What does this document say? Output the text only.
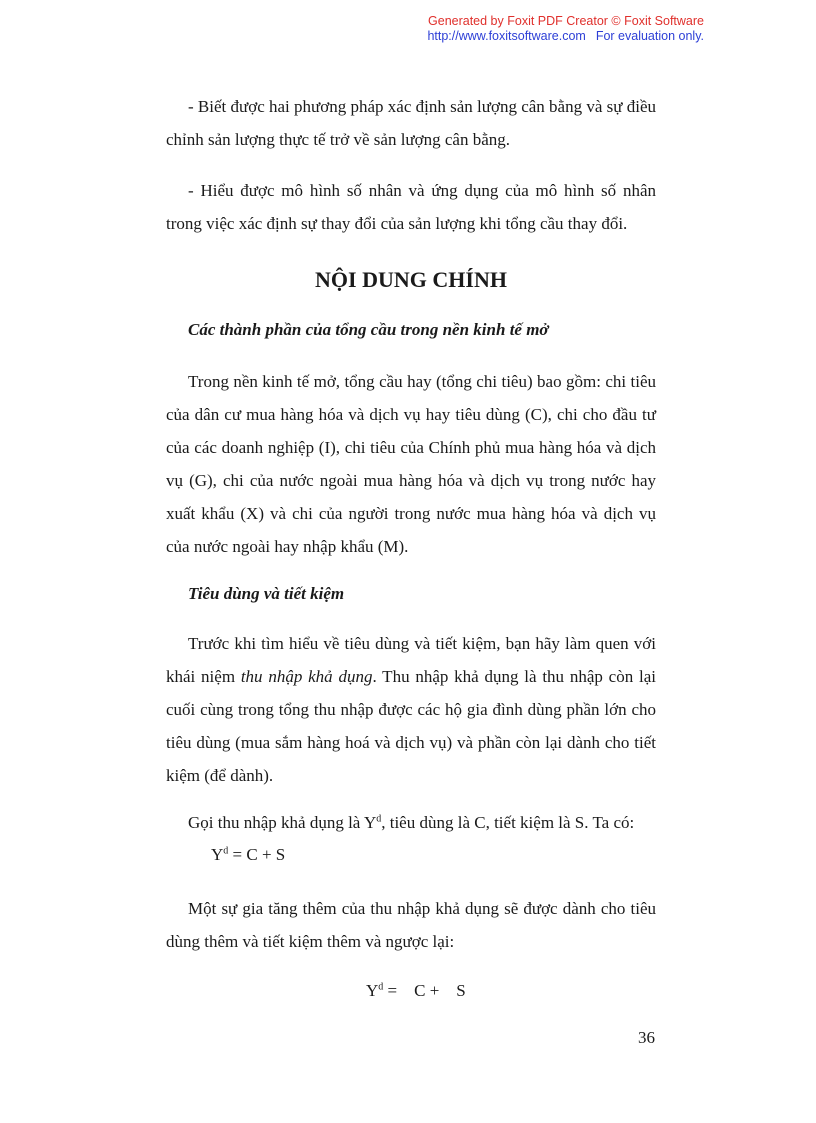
Generated by Foxit PDF Creator © Foxit Software
http://www.foxitsoftware.com For evaluation only.

- Biết được hai phương pháp xác định sản lượng cân bằng và sự điều chỉnh sản lượng thực tế trở về sản lượng cân bằng.

- Hiểu được mô hình số nhân và ứng dụng của mô hình số nhân trong việc xác định sự thay đổi của sản lượng khi tổng cầu thay đổi.

NỘI DUNG CHÍNH
Các thành phần của tổng cầu trong nền kinh tế mở

Trong nền kinh tế mở, tổng cầu hay (tổng chi tiêu) bao gồm: chi tiêu của dân cư mua hàng hóa và dịch vụ hay tiêu dùng (C), chi cho đầu tư của các doanh nghiệp (I), chi tiêu của Chính phủ mua hàng hóa và dịch vụ (G), chi của nước ngoài mua hàng hóa và dịch vụ trong nước hay xuất khẩu (X) và chi của người trong nước mua hàng hóa và dịch vụ của nước ngoài hay nhập khẩu (M).

Tiêu dùng và tiết kiệm

Trước khi tìm hiểu về tiêu dùng và tiết kiệm, bạn hãy làm quen với khái niệm thu nhập khả dụng. Thu nhập khả dụng là thu nhập còn lại cuối cùng trong tổng thu nhập được các hộ gia đình dùng phần lớn cho tiêu dùng (mua sắm hàng hoá và dịch vụ) và phần còn lại dành cho tiết kiệm (để dành).

Gọi thu nhập khả dụng là $Y^d$, tiêu dùng là C, tiết kiệm là S. Ta có:

$Y^d = C + S$

Một sự gia tăng thêm của thu nhập khả dụng sẽ được dành cho tiêu dùng thêm và tiết kiệm thêm và ngược lại:

$Y^d$ =    C +    S

36
